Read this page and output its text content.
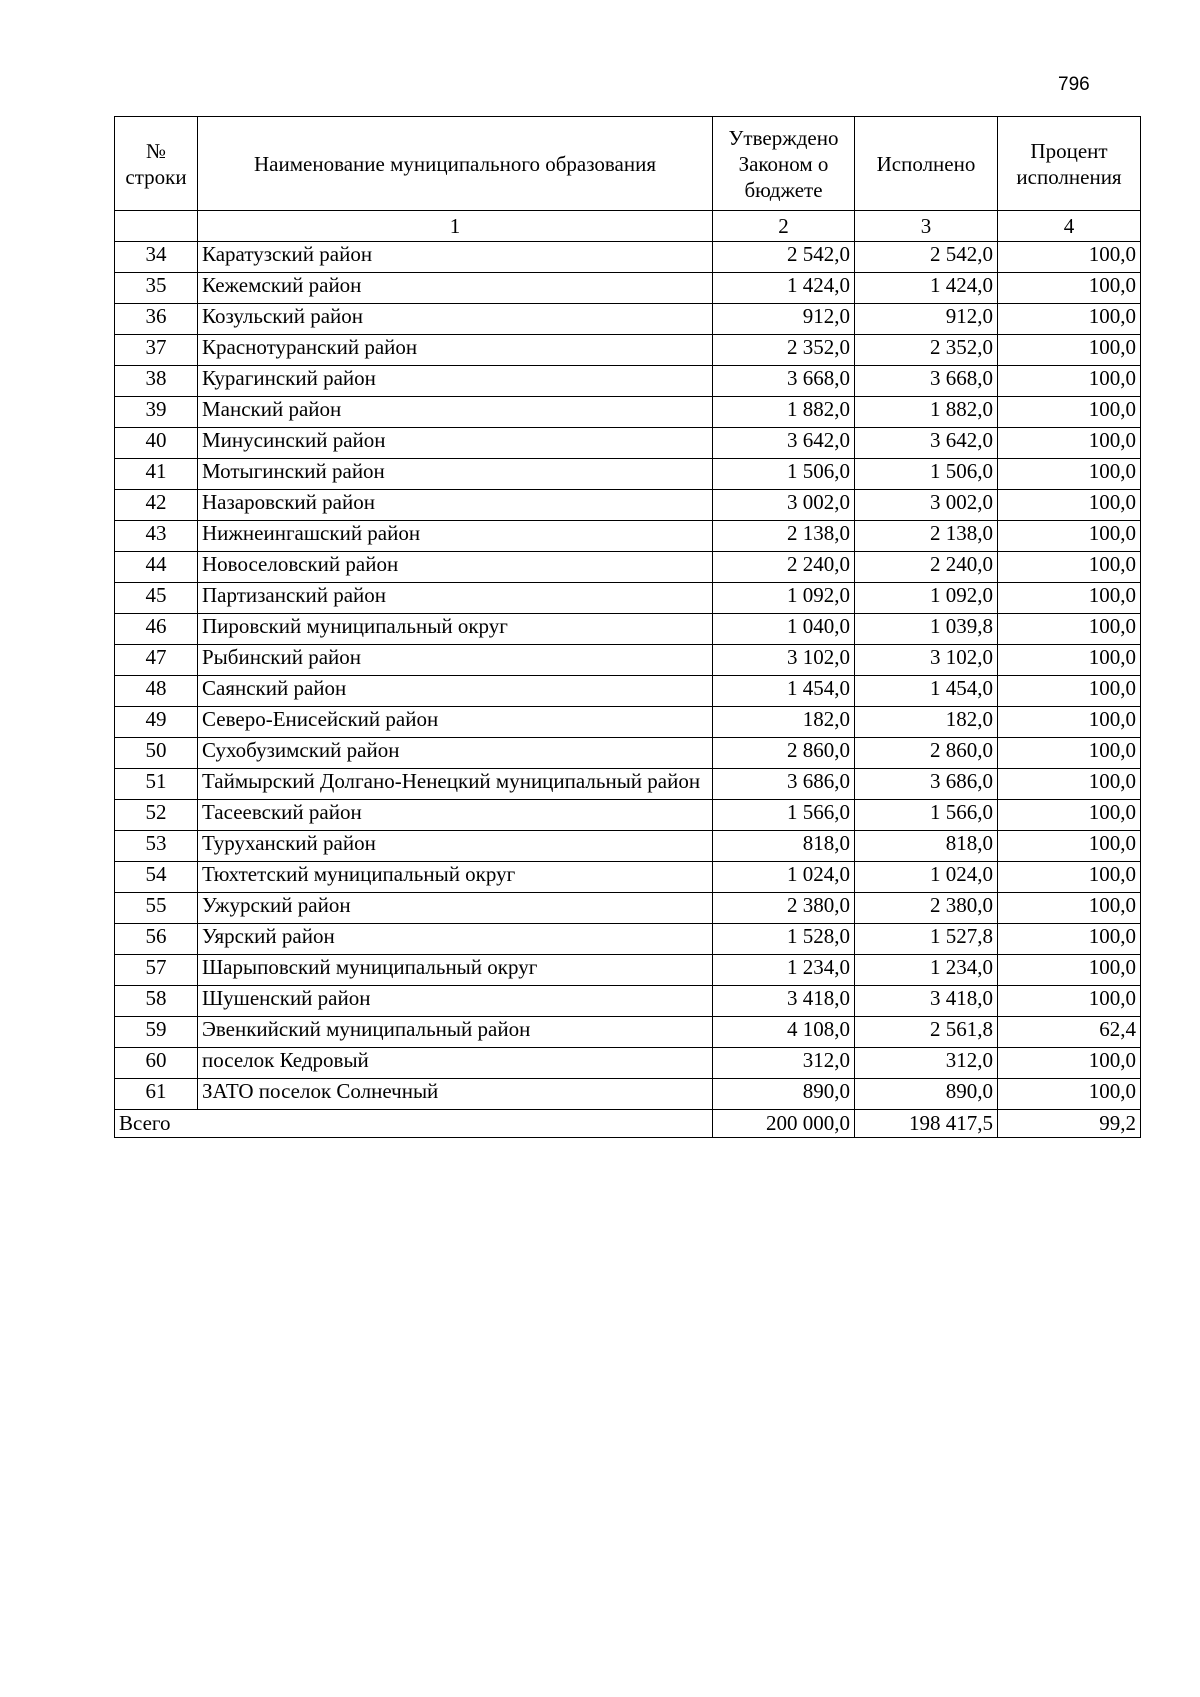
796
№ строки	Наименование муниципального образования	Утверждено Законом о бюджете	Исполнено	Процент исполнения
	1	2	3	4
34	Каратузский район	2 542,0	2 542,0	100,0
35	Кежемский район	1 424,0	1 424,0	100,0
36	Козульский район	912,0	912,0	100,0
37	Краснотуранский район	2 352,0	2 352,0	100,0
38	Курагинский район	3 668,0	3 668,0	100,0
39	Манский район	1 882,0	1 882,0	100,0
40	Минусинский район	3 642,0	3 642,0	100,0
41	Мотыгинский район	1 506,0	1 506,0	100,0
42	Назаровский район	3 002,0	3 002,0	100,0
43	Нижнеингашский район	2 138,0	2 138,0	100,0
44	Новоселовский район	2 240,0	2 240,0	100,0
45	Партизанский район	1 092,0	1 092,0	100,0
46	Пировский муниципальный округ	1 040,0	1 039,8	100,0
47	Рыбинский район	3 102,0	3 102,0	100,0
48	Саянский район	1 454,0	1 454,0	100,0
49	Северо-Енисейский район	182,0	182,0	100,0
50	Сухобузимский район	2 860,0	2 860,0	100,0
51	Таймырский Долгано-Ненецкий муниципальный район	3 686,0	3 686,0	100,0
52	Тасеевский район	1 566,0	1 566,0	100,0
53	Туруханский район	818,0	818,0	100,0
54	Тюхтетский муниципальный округ	1 024,0	1 024,0	100,0
55	Ужурский район	2 380,0	2 380,0	100,0
56	Уярский район	1 528,0	1 527,8	100,0
57	Шарыповский муниципальный округ	1 234,0	1 234,0	100,0
58	Шушенский район	3 418,0	3 418,0	100,0
59	Эвенкийский муниципальный район	4 108,0	2 561,8	62,4
60	поселок Кедровый	312,0	312,0	100,0
61	ЗАТО поселок Солнечный	890,0	890,0	100,0
Всего		200 000,0	198 417,5	99,2
